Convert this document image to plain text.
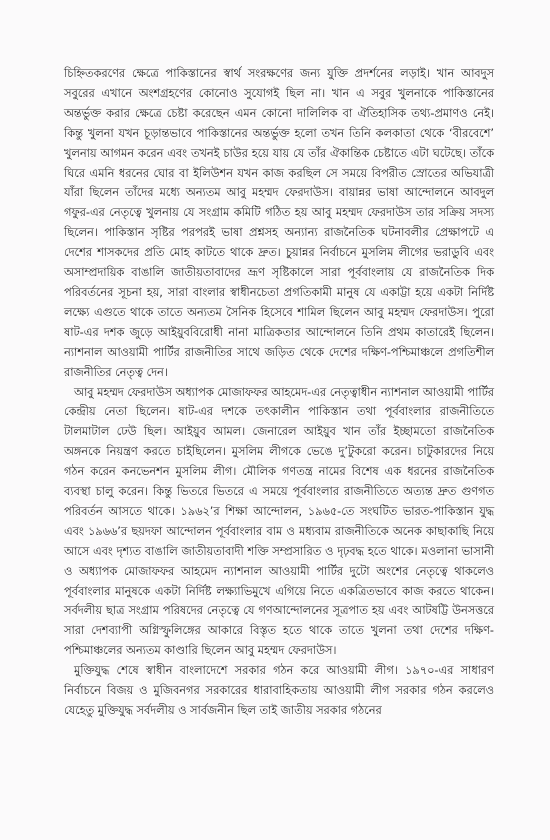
চিহ্নিতকরণের ক্ষেত্রে পাকিস্তানের স্বার্থ সংরক্ষণের জন্য যুক্তি প্রদর্শনের লড়াই। খান আবদুস সবুরের এখানে অংশগ্রহণের কোনোও সুযোগই ছিল না। খান এ সবুর খুলনাকে পাকিস্তানের অন্তর্ভুক্ত করার ক্ষেত্রে চেষ্টা করেছেন এমন কোনো দালিলিক বা ঐতিহাসিক তথ্য-প্রমাণও নেই। কিন্তু খুলনা যখন চূড়ান্তভাবে পাকিস্তানের অন্তর্ভুক্ত হলো তখন তিনি কলকাতা থেকে ‘বীরবেশে’ খুলনায় আগমন করেন এবং তখনই চাউর হয়ে যায় যে তাঁর ঐকান্তিক চেষ্টাতে এটা ঘটেছে। তাঁকে ঘিরে এমনি ধরনের ঘোর বা ইলিউশন যখন কাজ করছিল সে সময়ে বিপরীত স্রোতের অভিযাত্রী যাঁরা ছিলেন তাঁদের মধ্যে অন্যতম আবু মহম্মদ ফেরদাউস। বায়ান্নর ভাষা আন্দোলনে আবদুল গফুর-এর নেতৃত্বে খুলনায় যে সংগ্রাম কমিটি গঠিত হয় আবু মহম্মদ ফেরদাউস তার সক্রিয় সদস্য ছিলেন। পাকিস্তান সৃষ্টির পরপরই ভাষা প্রশ্নসহ অন্যান্য রাজনৈতিক ঘটনাবলীর প্রেক্ষাপটে এ দেশের শাসকদের প্রতি মোহ কাটতে থাকে দ্রুত। চুয়ান্নর নির্বাচনে মুসলিম লীগের ভরাডুবি এবং অসাম্প্রদায়িক বাঙালি জাতীয়তাবাদের ভ্রূণ সৃষ্টিকালে সারা পূর্ববাংলায় যে রাজনৈতিক দিক পরিবর্তনের সূচনা হয়, সারা বাংলার স্বাধীনচেতা প্রগতিকামী মানুষ যে একাট্টা হয়ে একটা নির্দিষ্ট লক্ষ্যে এগুতে থাকে তাতে অন্যতম সৈনিক হিসেবে শামিল ছিলেন আবু মহম্মদ ফেরদাউস। পুরো ষাট-এর দশক জুড়ে আইয়ুববিরোধী নানা মাত্রিকতার আন্দোলনে তিনি প্রথম কাতারেই ছিলেন। ন্যাশনাল আওয়ামী পার্টির রাজনীতির সাথে জড়িত থেকে দেশের দক্ষিণ-পশ্চিমাঞ্চলে প্রগতিশীল রাজনীতির নেতৃত্ব দেন।

আবু মহম্মদ ফেরদাউস অধ্যাপক মোজাফফর আহমেদ-এর নেতৃত্বাধীন ন্যাশনাল আওয়ামী পার্টির কেন্দ্রীয় নেতা ছিলেন। ষাট-এর দশকে তৎকালীন পাকিস্তান তথা পূর্ববাংলার রাজনীতিতে টালমাটাল ঢেউ ছিল। আইয়ুব আমল। জেনারেল আইয়ুব খান তাঁর ইচ্ছামতো রাজনৈতিক অঙ্গনকে নিয়ন্ত্রণ করতে চাইছিলেন। মুসলিম লীগকে ভেঙে দু’টুকরো করেন। চাটুকারদের নিয়ে গঠন করেন কনভেনশন মুসলিম লীগ। মৌলিক গণতন্ত্র নামের বিশেষ এক ধরনের রাজনৈতিক ব্যবস্থা চালু করেন। কিন্তু ভিতরে ভিতরে এ সময়ে পূর্ববাংলার রাজনীতিতে অত্যন্ত দ্রুত গুণগত পরিবর্তন আসতে থাকে। ১৯৬২’র শিক্ষা আন্দোলন, ১৯৬৫-তে সংঘটিত ভারত-পাকিস্তান যুদ্ধ এবং ১৯৬৬’র ছয়দফা আন্দোলন পূর্ববাংলার বাম ও মধ্যবাম রাজনীতিকে অনেক কাছাকাছি নিয়ে আসে এবং দৃশ্যত বাঙালি জাতীয়তাবাদী শক্তি সম্প্রসারিত ও দৃঢ়বদ্ধ হতে থাকে। মওলানা ভাসানী ও অধ্যাপক মোজাফফর আহমেদ ন্যাশনাল আওয়ামী পার্টির দুটো অংশের নেতৃত্বে থাকলেও পূর্ববাংলার মানুষকে একটা নির্দিষ্ট লক্ষ্যাভিমুখে এগিয়ে নিতে একত্রিতভাবে কাজ করতে থাকেন। সর্বদলীয় ছাত্র সংগ্রাম পরিষদের নেতৃত্বে যে গণআন্দোলনের সূত্রপাত হয় এবং আটষট্টি উনসত্তরে সারা দেশব্যাপী অগ্নিস্ফুলিঙ্গের আকারে বিস্তৃত হতে থাকে তাতে খুলনা তথা দেশের দক্ষিণ-পশ্চিমাঞ্চলের অন্যতম কাণ্ডারি ছিলেন আবু মহম্মদ ফেরদাউস।

মুক্তিযুদ্ধ শেষে স্বাধীন বাংলাদেশে সরকার গঠন করে আওয়ামী লীগ। ১৯৭০-এর সাধারণ নির্বাচনে বিজয় ও মুজিবনগর সরকারের ধারাবাহিকতায় আওয়ামী লীগ সরকার গঠন করলেও যেহেতু মুক্তিযুদ্ধ সর্বদলীয় ও সার্বজনীন ছিল তাই জাতীয় সরকার গঠনের
